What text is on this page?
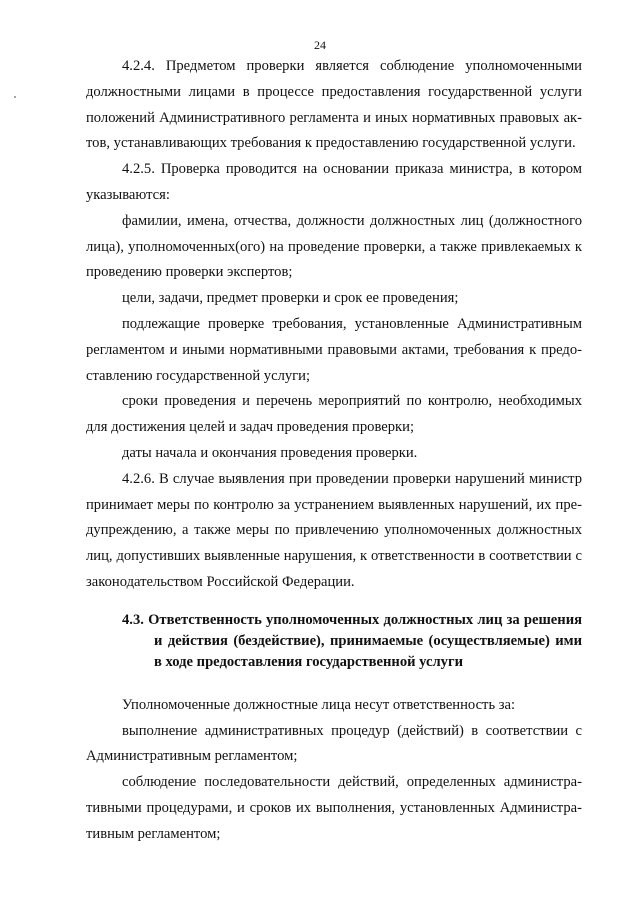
24
4.2.4. Предметом проверки является соблюдение уполномоченными
должностными лицами в процессе предоставления государственной услуги
положений Административного регламента и иных нормативных правовых ак-
тов, устанавливающих требования к предоставлению государственной услуги.
4.2.5. Проверка проводится на основании приказа министра, в котором
указываются:
фамилии, имена, отчества, должности должностных лиц (должностного
лица), уполномоченных(ого) на проведение проверки, а также привлекаемых к
проведению проверки экспертов;
цели, задачи, предмет проверки и срок ее проведения;
подлежащие проверке требования, установленные Административным
регламентом и иными нормативными правовыми актами, требования к предо-
ставлению государственной услуги;
сроки проведения и перечень мероприятий по контролю, необходимых
для достижения целей и задач проведения проверки;
даты начала и окончания проведения проверки.
4.2.6. В случае выявления при проведении проверки нарушений министр
принимает меры по контролю за устранением выявленных нарушений, их пре-
дупреждению, а также меры по привлечению уполномоченных должностных
лиц, допустивших выявленные нарушения, к ответственности в соответствии с
законодательством Российской Федерации.
4.3. Ответственность уполномоченных должностных лиц за решения
и действия (бездействие), принимаемые (осуществляемые) ими
в ходе предоставления государственной услуги
Уполномоченные должностные лица несут ответственность за:
выполнение административных процедур (действий) в соответствии с
Административным регламентом;
соблюдение последовательности действий, определенных администра-
тивными процедурами, и сроков их выполнения, установленных Администра-
тивным регламентом;
